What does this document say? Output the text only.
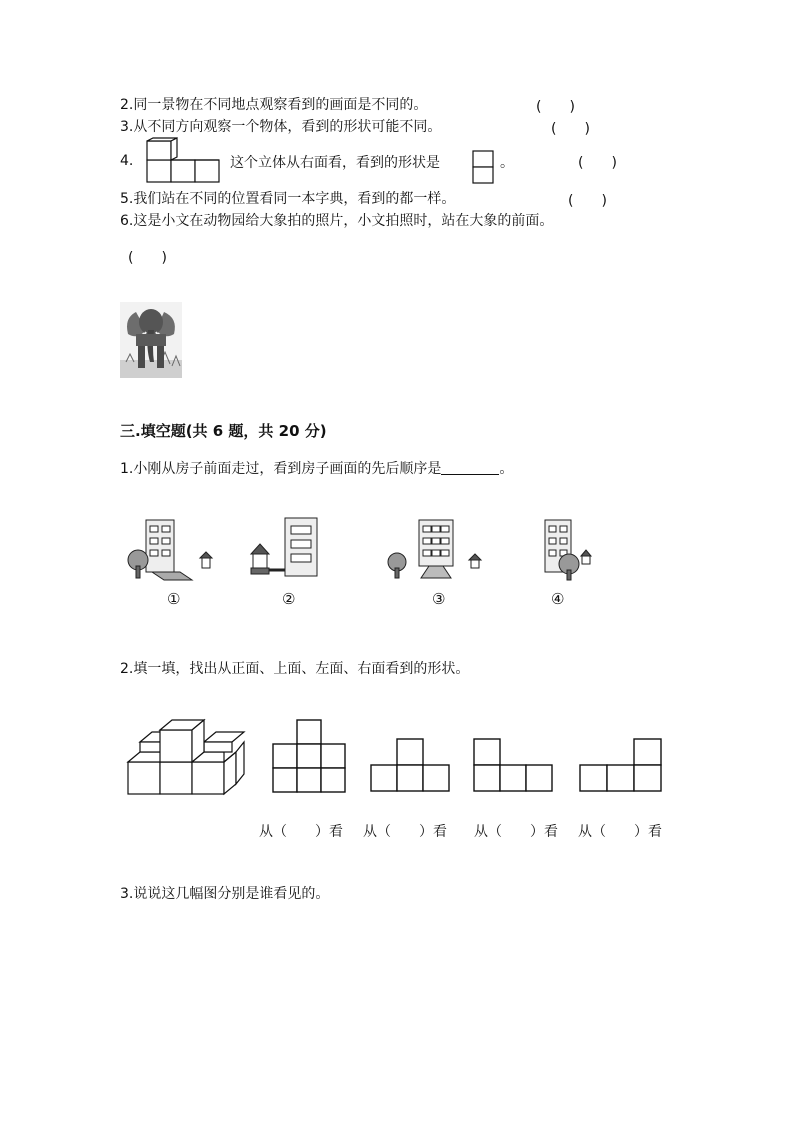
2.同一景物在不同地点观察看到的画面是不同的。	(　　)
3.从不同方向观察一个物体，看到的形状可能不同。	(　　)
4.	这个立体从右面看，看到的形状是	。	(　　)
5.我们站在不同的位置看同一本字典，看到的都一样。	(　　)
6.这是小文在动物园给大象拍的照片，小文拍照时，站在大象的前面。
(　　)
三.填空题(共 6 题，共 20 分)
1.小刚从房子前面走过，看到房子画面的先后顺序是	。
①	②	③	④
2.填一填，找出从正面、上面、左面、右面看到的形状。
从（　　）看 从（　　）看 从（　　）看 从（　　）看
3.说说这几幅图分别是谁看见的。
